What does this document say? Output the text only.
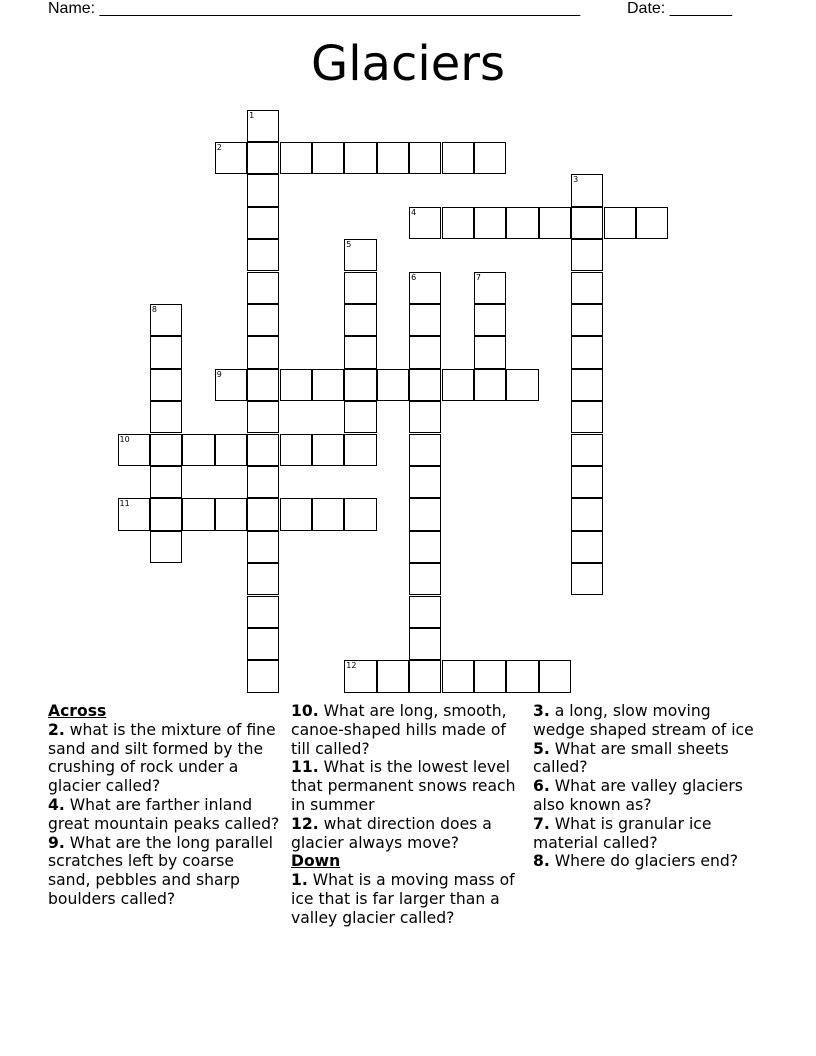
Name: ______________________________________________________	Date: _______
Glaciers
1
2
3
4
5
6	7
8
9
10
11
12
Across
2. what is the mixture of fine sand and silt formed by the crushing of rock under a glacier called?
4. What are farther inland great mountain peaks called?
9. What are the long parallel scratches left by coarse sand, pebbles and sharp boulders called?
10. What are long, smooth, canoe-shaped hills made of till called?
11. What is the lowest level that permanent snows reach in summer
12. what direction does a glacier always move?
Down
1. What is a moving mass of ice that is far larger than a valley glacier called?
3. a long, slow moving wedge shaped stream of ice
5. What are small sheets called?
6. What are valley glaciers also known as?
7. What is granular ice material called?
8. Where do glaciers end?
